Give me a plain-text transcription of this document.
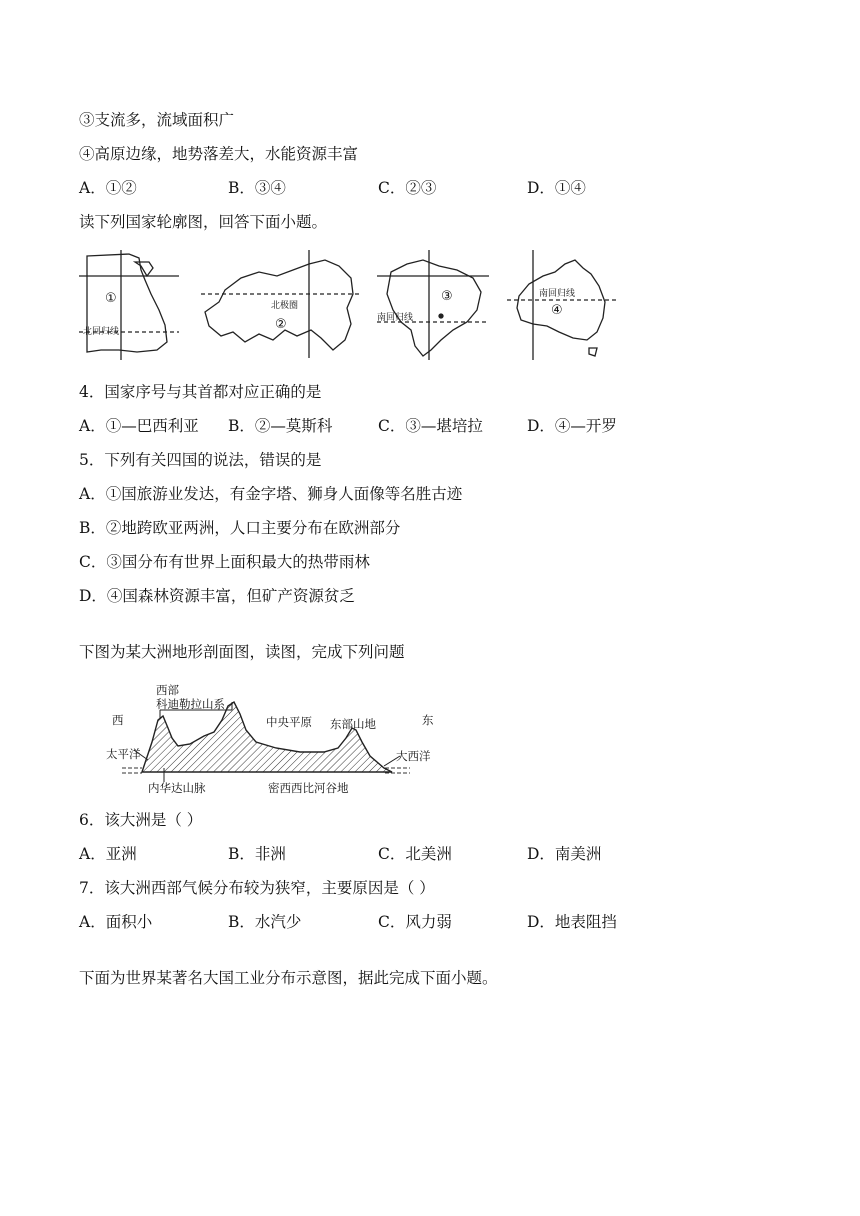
③支流多，流域面积广
④高原边缘，地势落差大，水能资源丰富
A．①②	B．③④	C．②③	D．①④
读下列国家轮廓图，回答下面小题。
①
北回归线	②
北极圈
③
南回归线	④
南回归线
4．国家序号与其首都对应正确的是
A．①—巴西利亚 B．②—莫斯科	C．③—堪培拉	D．④—开罗
5．下列有关四国的说法，错误的是
A．①国旅游业发达，有金字塔、狮身人面像等名胜古迹
B．②地跨欧亚两洲，人口主要分布在欧洲部分
C．③国分布有世界上面积最大的热带雨林
D．④国森林资源丰富，但矿产资源贫乏
下图为某大洲地形剖面图，读图，完成下列问题
西	东
西部
科迪勒拉山系
中央平原 东部山地
太平洋	大西洋
内华达山脉	密西西比河谷地
6．该大洲是（ ）
A．亚洲	B．非洲	C．北美洲	D．南美洲
7．该大洲西部气候分布较为狭窄，主要原因是（ ）
A．面积小	B．水汽少	C．风力弱	D．地表阻挡
下面为世界某著名大国工业分布示意图，据此完成下面小题。
